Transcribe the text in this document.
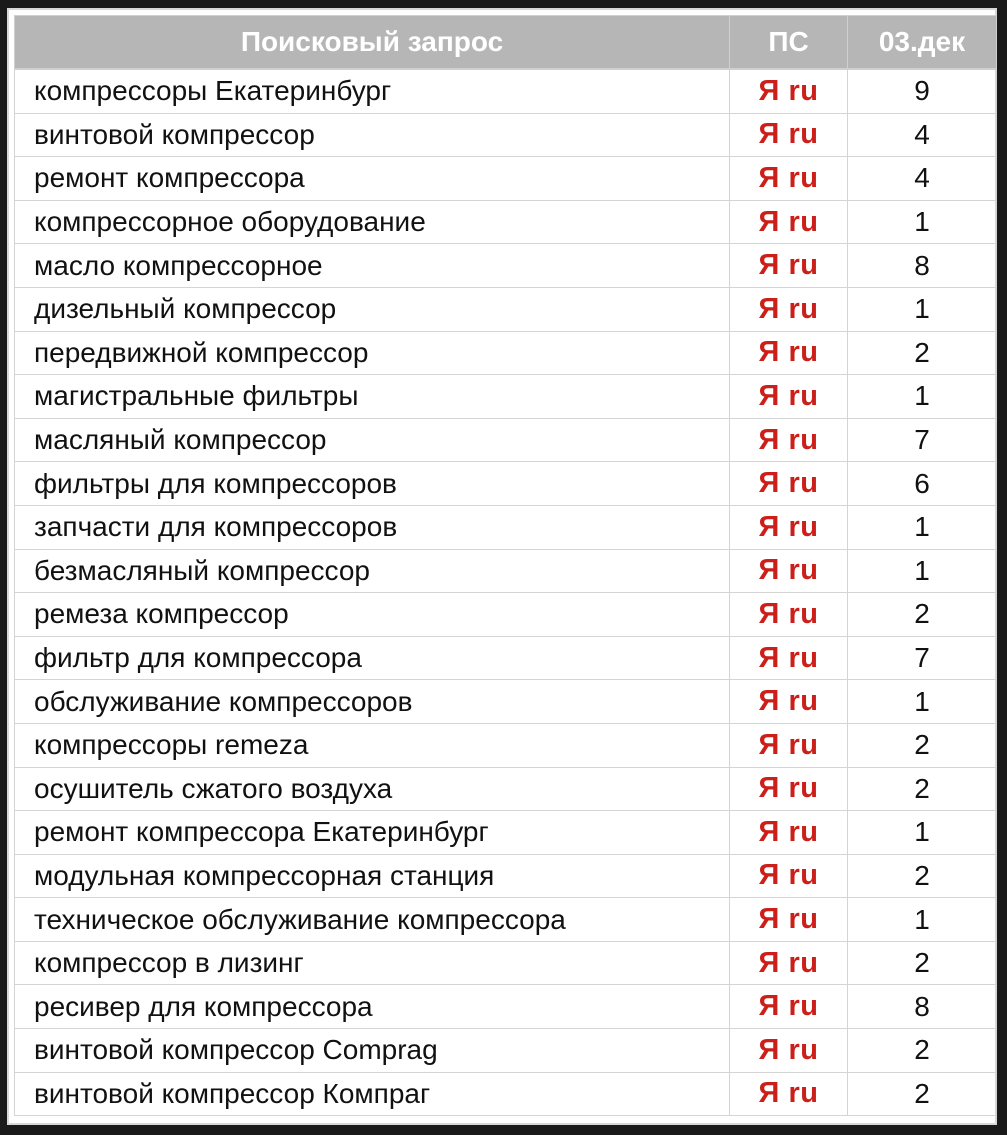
Поисковый запрос	ПС	03.дек
компрессоры Екатеринбург	Я ru	9
винтовой компрессор	Я ru	4
ремонт компрессора	Я ru	4
компрессорное оборудование	Я ru	1
масло компрессорное	Я ru	8
дизельный компрессор	Я ru	1
передвижной компрессор	Я ru	2
магистральные фильтры	Я ru	1
масляный компрессор	Я ru	7
фильтры для компрессоров	Я ru	6
запчасти для компрессоров	Я ru	1
безмасляный компрессор	Я ru	1
ремеза компрессор	Я ru	2
фильтр для компрессора	Я ru	7
обслуживание компрессоров	Я ru	1
компрессоры remeza	Я ru	2
осушитель сжатого воздуха	Я ru	2
ремонт компрессора Екатеринбург	Я ru	1
модульная компрессорная станция	Я ru	2
техническое обслуживание компрессора	Я ru	1
компрессор в лизинг	Я ru	2
ресивер для компрессора	Я ru	8
винтовой компрессор Comprag	Я ru	2
винтовой компрессор Компраг	Я ru	2
